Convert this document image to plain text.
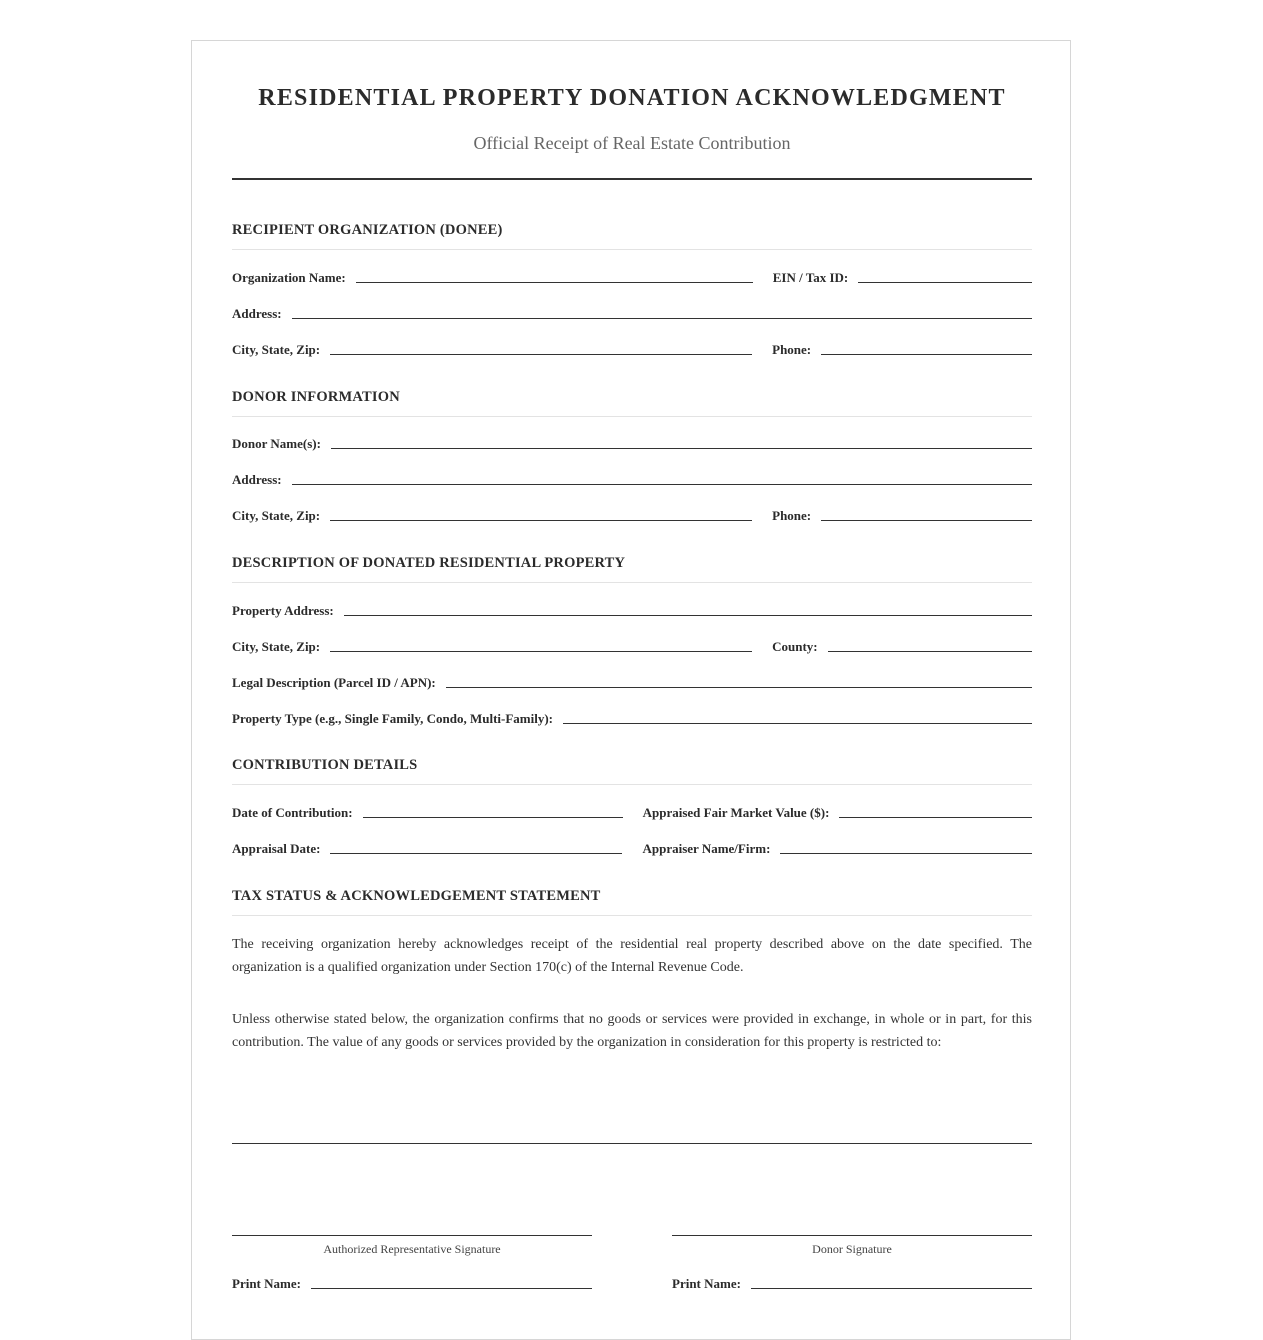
RESIDENTIAL PROPERTY DONATION ACKNOWLEDGMENT
Official Receipt of Real Estate Contribution
RECIPIENT ORGANIZATION (DONEE)
Organization Name:	EIN / Tax ID:
Address:
City, State, Zip:	Phone:
DONOR INFORMATION
Donor Name(s):
Address:
City, State, Zip:	Phone:
DESCRIPTION OF DONATED RESIDENTIAL PROPERTY
Property Address:
City, State, Zip:	County:
Legal Description (Parcel ID / APN):
Property Type (e.g., Single Family, Condo, Multi-Family):
CONTRIBUTION DETAILS
Date of Contribution:	Appraised Fair Market Value ($):
Appraisal Date:	Appraiser Name/Firm:
TAX STATUS & ACKNOWLEDGEMENT STATEMENT
The receiving organization hereby acknowledges receipt of the residential real property described above on the date specified. The organization is a qualified organization under Section 170(c) of the Internal Revenue Code.
Unless otherwise stated below, the organization confirms that no goods or services were provided in exchange, in whole or in part, for this contribution. The value of any goods or services provided by the organization in consideration for this property is restricted to:
Authorized Representative Signature	Donor Signature
Print Name:	Print Name:
